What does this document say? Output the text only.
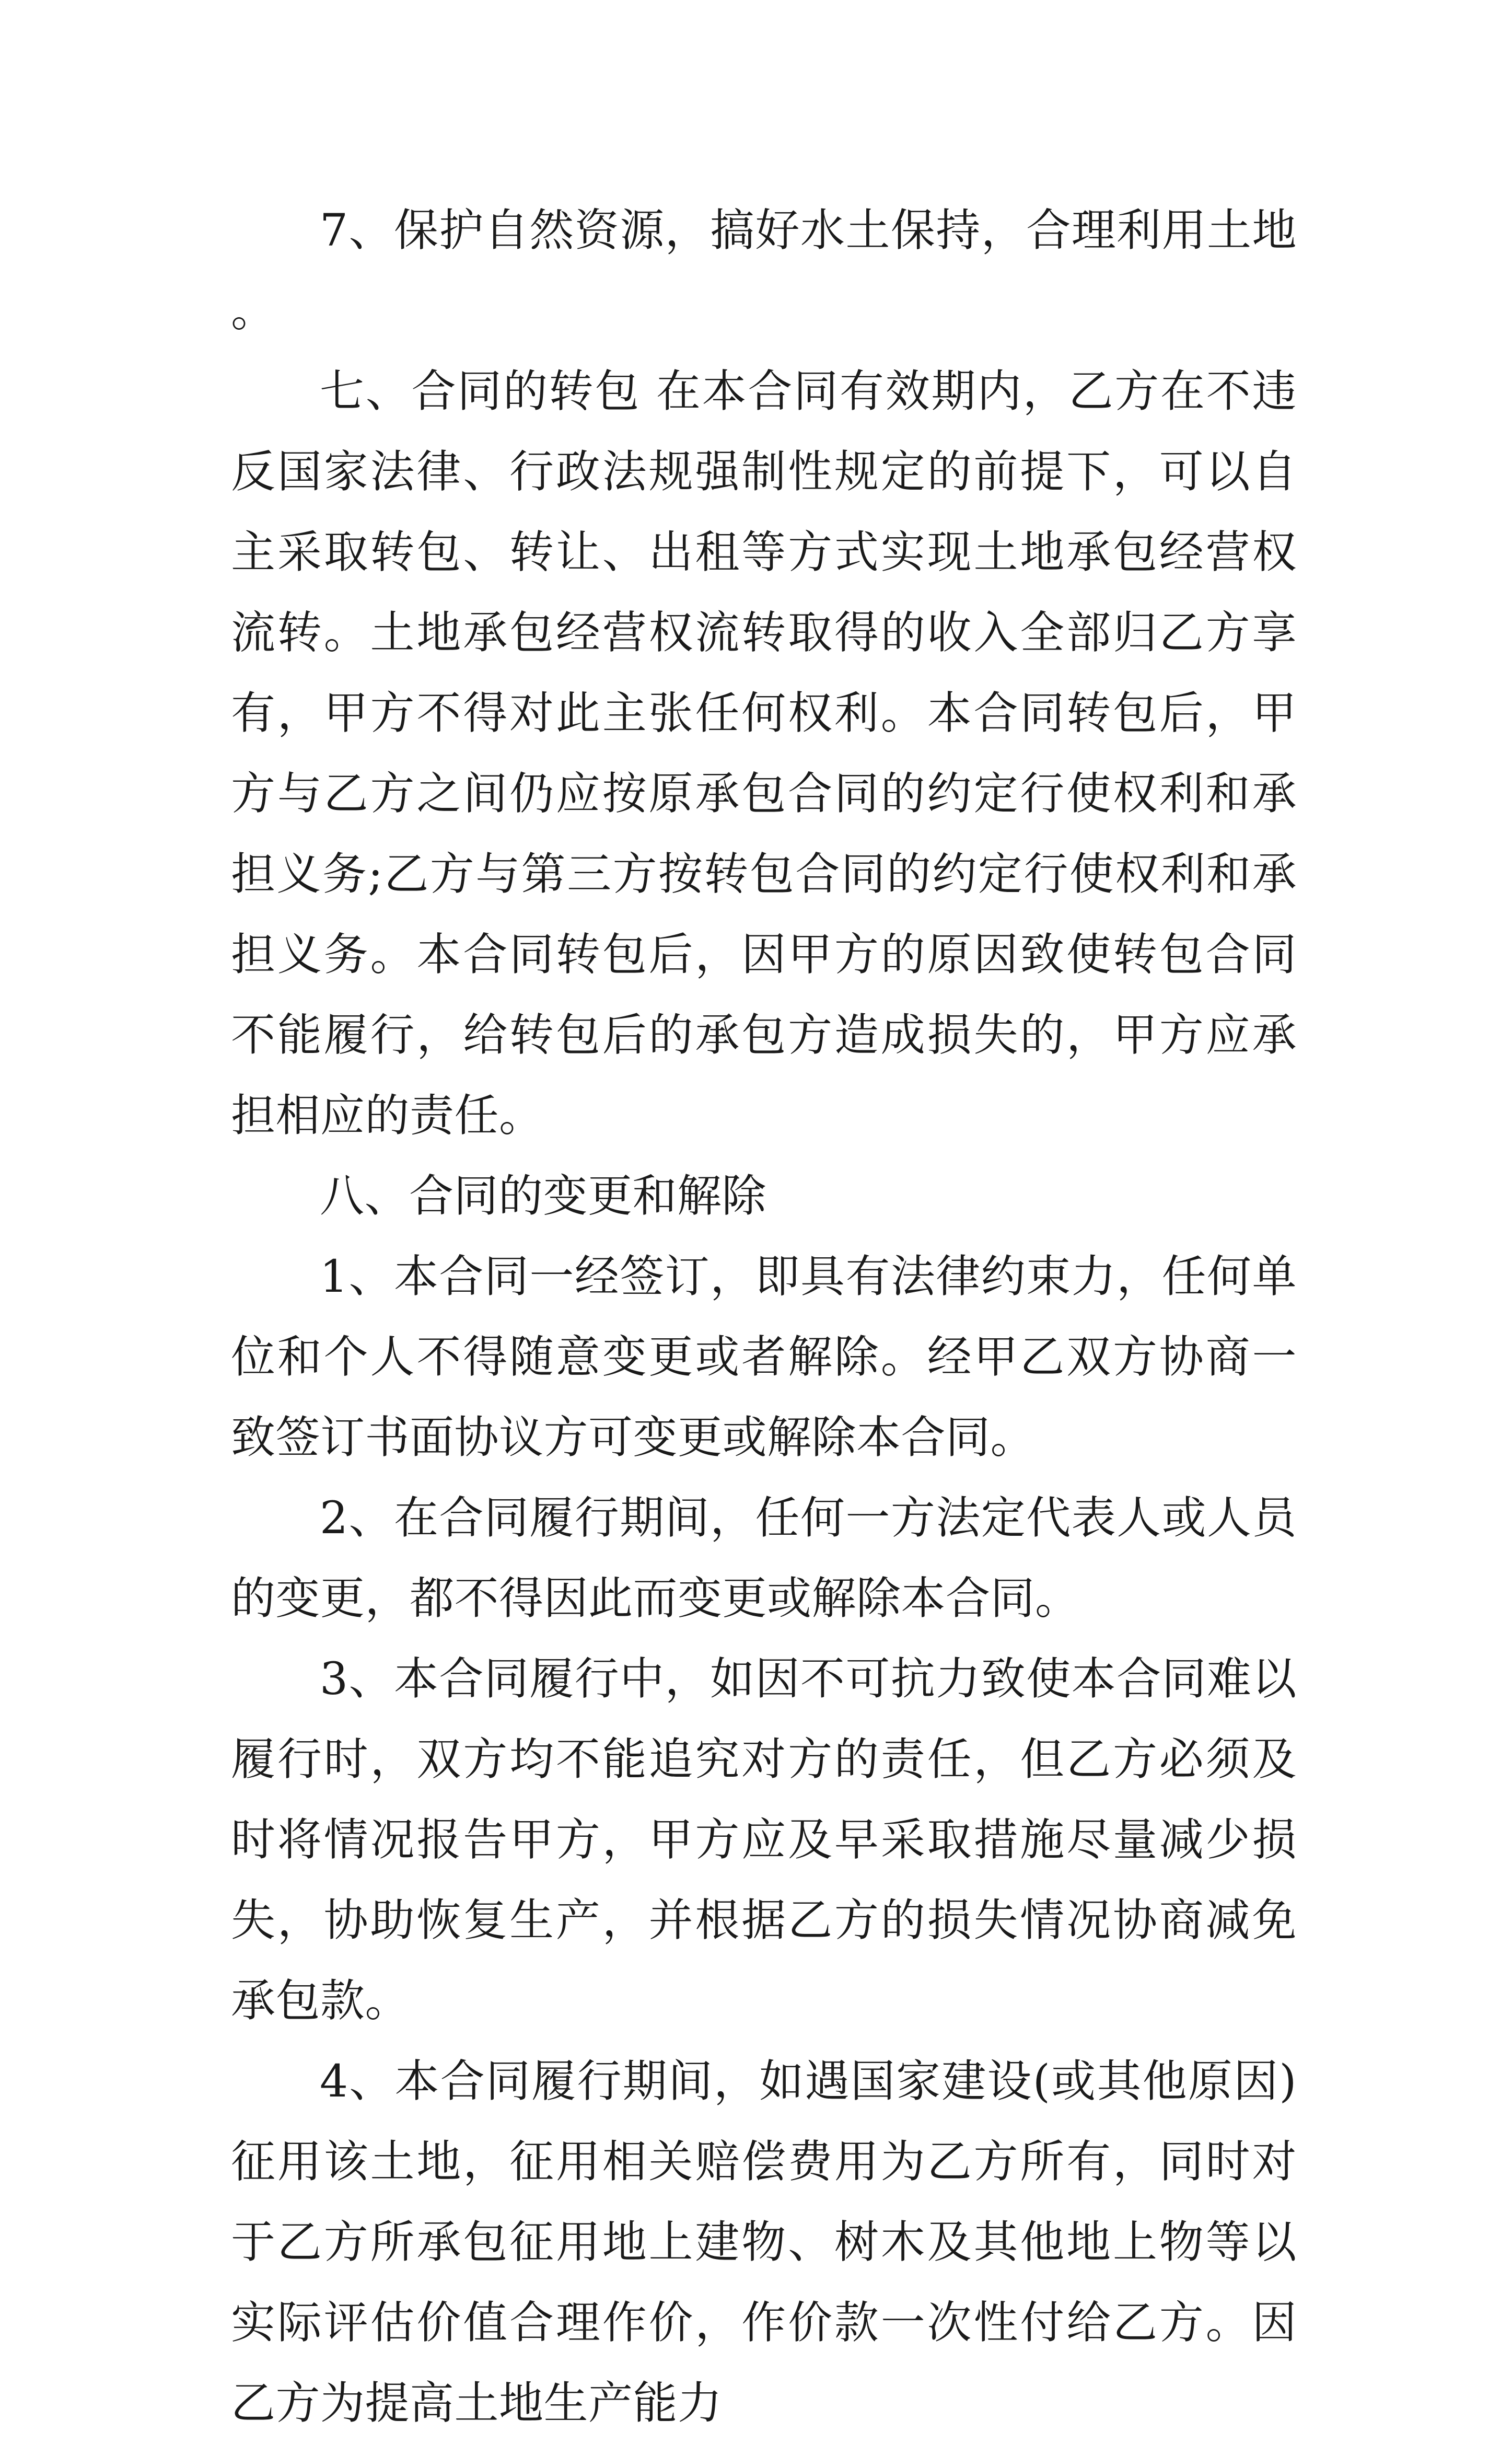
7、保护自然资源，搞好水土保持，合理利用土地。

七、合同的转包 在本合同有效期内，乙方在不违反国家法律、行政法规强制性规定的前提下，可以自主采取转包、转让、出租等方式实现土地承包经营权流转。土地承包经营权流转取得的收入全部归乙方享有，甲方不得对此主张任何权利。本合同转包后，甲方与乙方之间仍应按原承包合同的约定行使权利和承担义务;乙方与第三方按转包合同的约定行使权利和承担义务。本合同转包后，因甲方的原因致使转包合同不能履行，给转包后的承包方造成损失的，甲方应承担相应的责任。

八、合同的变更和解除

1、本合同一经签订，即具有法律约束力，任何单位和个人不得随意变更或者解除。经甲乙双方协商一致签订书面协议方可变更或解除本合同。

2、在合同履行期间，任何一方法定代表人或人员的变更，都不得因此而变更或解除本合同。

3、本合同履行中，如因不可抗力致使本合同难以履行时，双方均不能追究对方的责任，但乙方必须及时将情况报告甲方，甲方应及早采取措施尽量减少损失，协助恢复生产，并根据乙方的损失情况协商减免承包款。

4、本合同履行期间，如遇国家建设(或其他原因)征用该土地，征用相关赔偿费用为乙方所有，同时对于乙方所承包征用地上建物、树木及其他地上物等以实际评估价值合理作价，作价款一次性付给乙方。因乙方为提高土地生产能力
